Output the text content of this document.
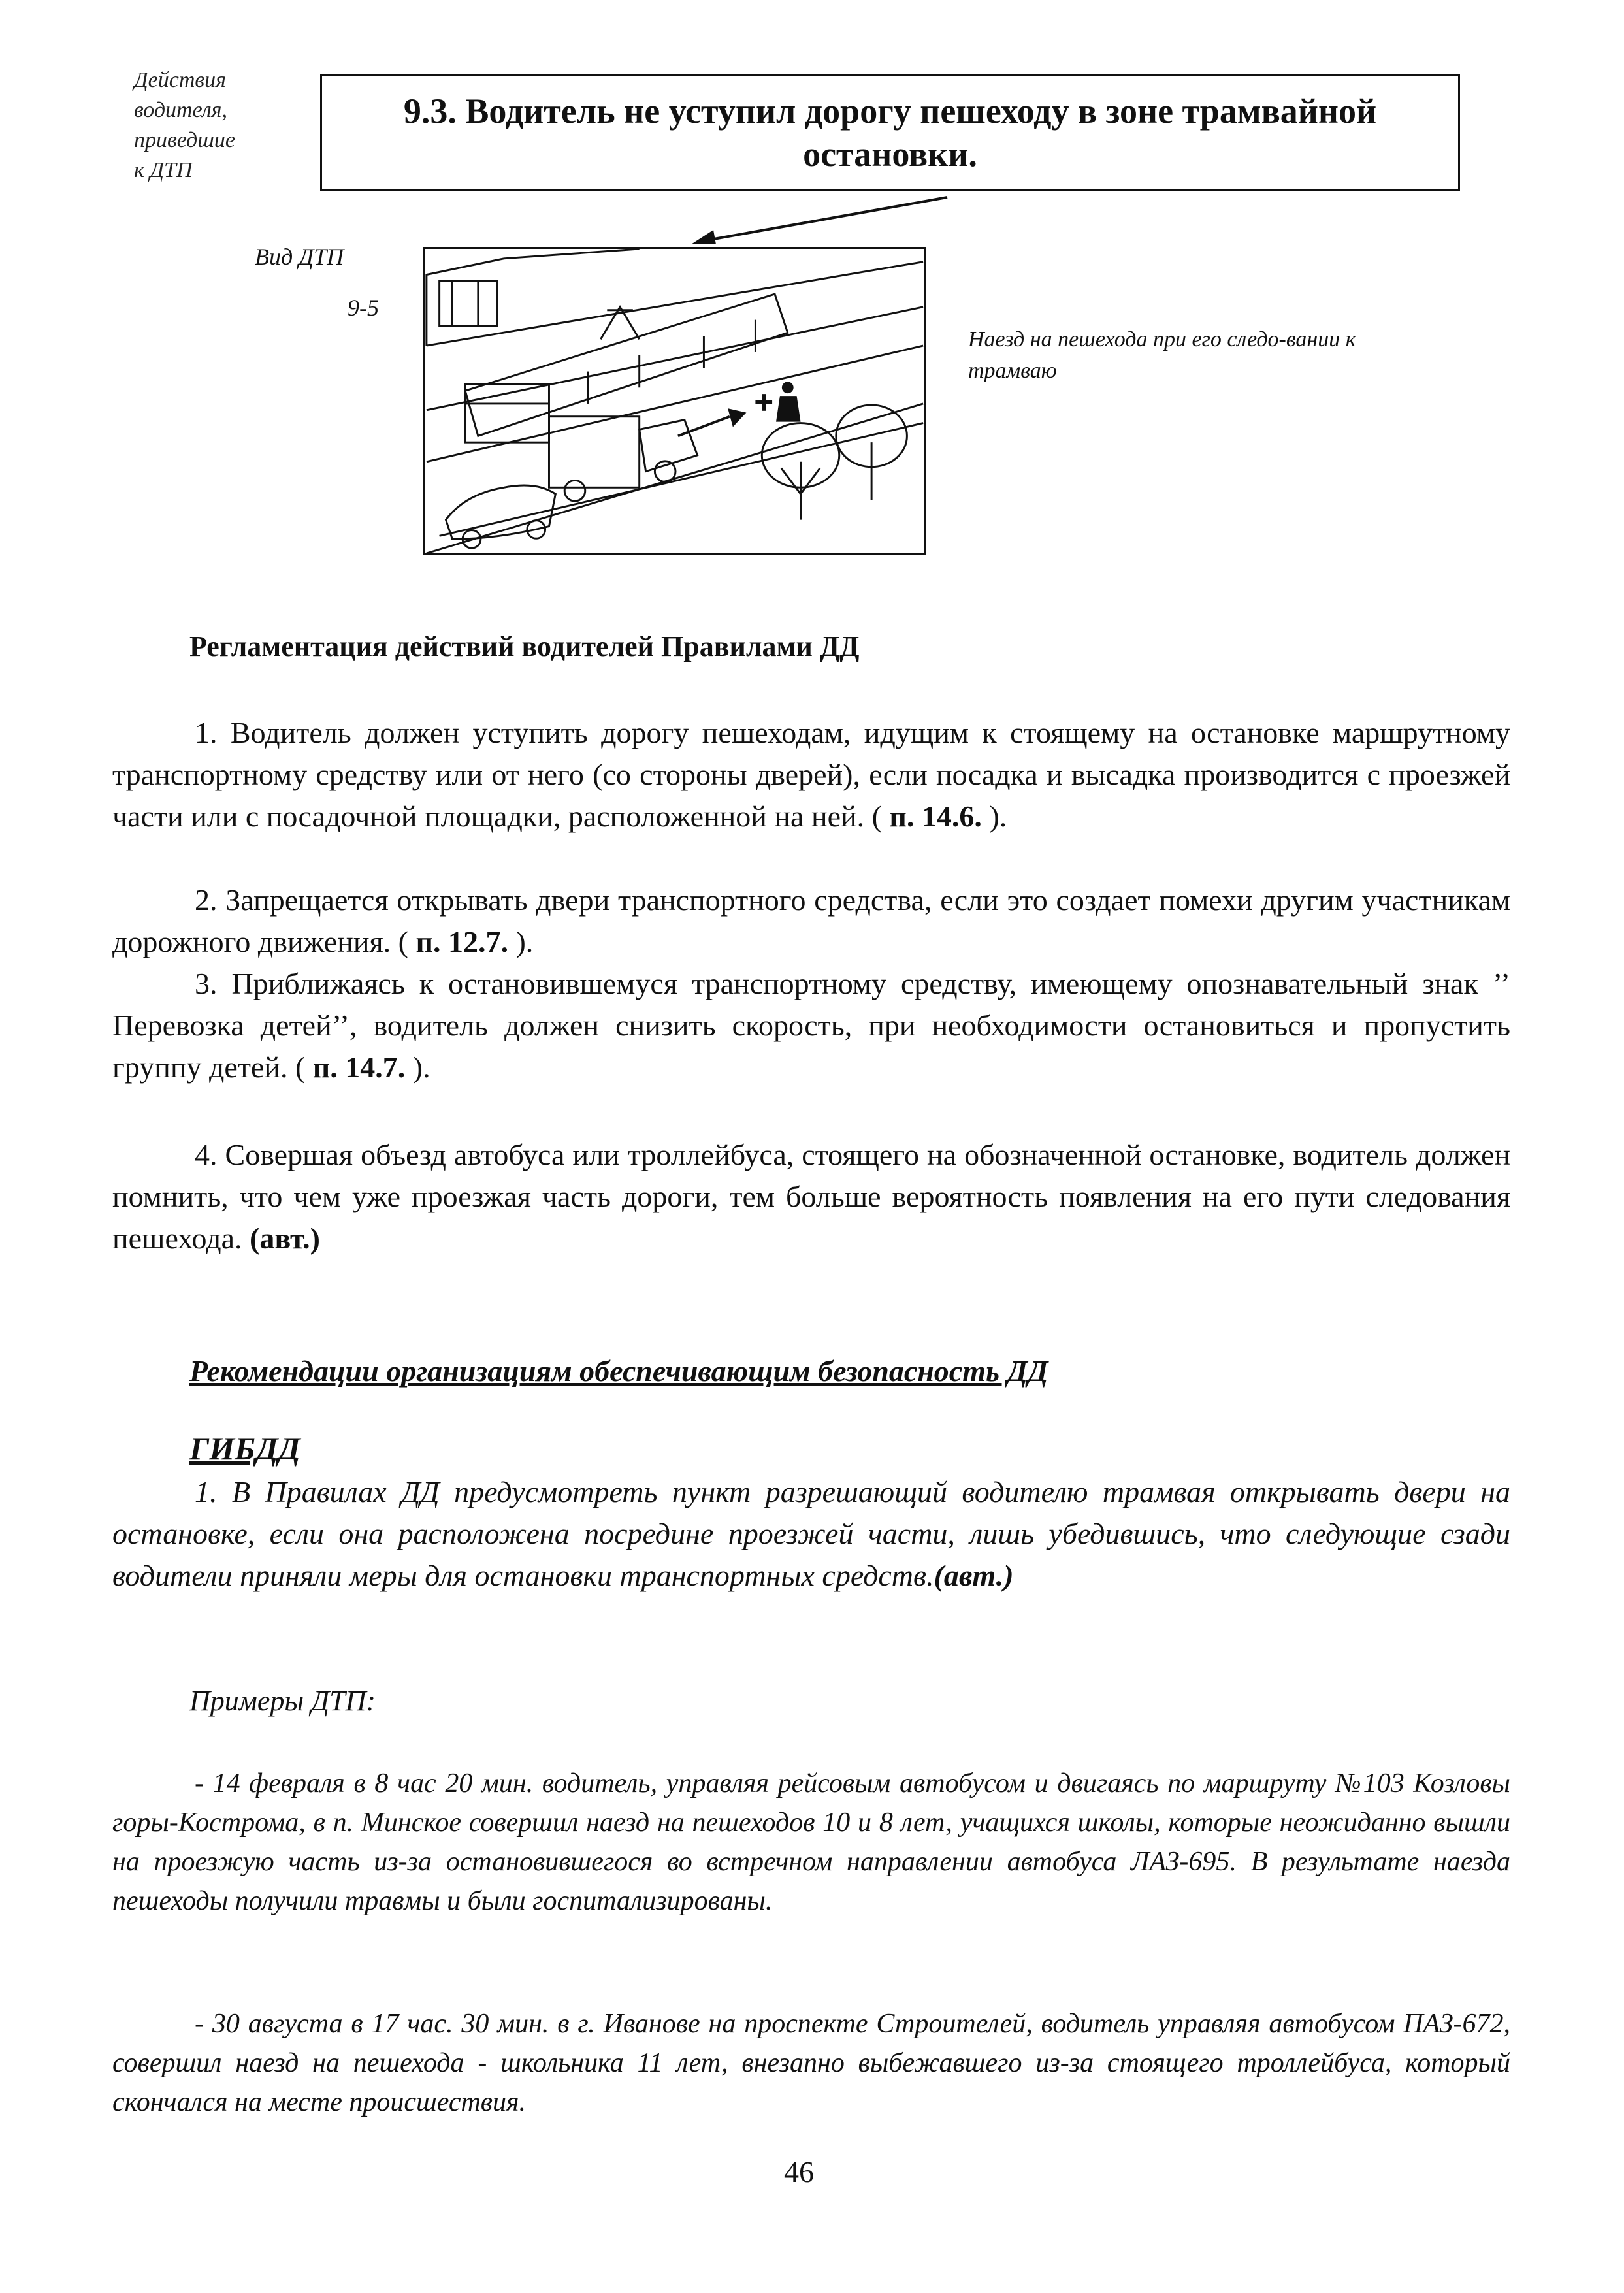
Действия
водителя,
приведшие
к ДТП
9.3. Водитель не уступил дорогу пешеходу в зоне трамвайной остановки.
Вид ДТП
9-5
Наезд на пешехода при его следо-вании к трамваю
Регламентация действий водителей Правилами ДД

1. Водитель должен уступить дорогу пешеходам, идущим к стоящему на остановке маршрутному транспортному средству или от него (со стороны дверей), если посадка и высадка производится с проезжей части или с посадочной площадки, расположенной на ней. ( п. 14.6. ).

2. Запрещается открывать двери транспортного средства, если это создает помехи другим участникам дорожного движения. ( п. 12.7. ).

3. Приближаясь к остановившемуся транспортному средству, имеющему опознавательный знак ’’ Перевозка детей’’, водитель должен снизить скорость, при необходимости остановиться и пропустить группу детей. ( п. 14.7. ).

4. Совершая объезд автобуса или троллейбуса, стоящего на обозначенной остановке, водитель должен помнить, что чем уже проезжая часть дороги, тем больше вероятность появления на его пути следования пешехода. (авт.)

Рекомендации организациям обеспечивающим безопасность ДД
ГИБДД

1. В Правилах ДД предусмотреть пункт разрешающий водителю трамвая открывать двери на остановке, если она расположена посредине проезжей части, лишь убедившись, что следующие сзади водители приняли меры для остановки транспортных средств.(авт.)

Примеры ДТП:

- 14 февраля в 8 час 20 мин. водитель, управляя рейсовым автобусом и двигаясь по маршруту №103 Козловы горы-Кострома, в п. Минское совершил наезд на пешеходов 10 и 8 лет, учащихся школы, которые неожиданно вышли на проезжую часть из-за остановившегося во встречном направлении автобуса ЛАЗ-695. В результате наезда пешеходы получили травмы и были госпитализированы.

- 30 августа в 17 час. 30 мин. в г. Иванове на проспекте Строителей, водитель управляя автобусом ПАЗ-672, совершил наезд на пешехода - школьника 11 лет, внезапно выбежавшего из-за стоящего троллейбуса, который скончался на месте происшествия.

46
